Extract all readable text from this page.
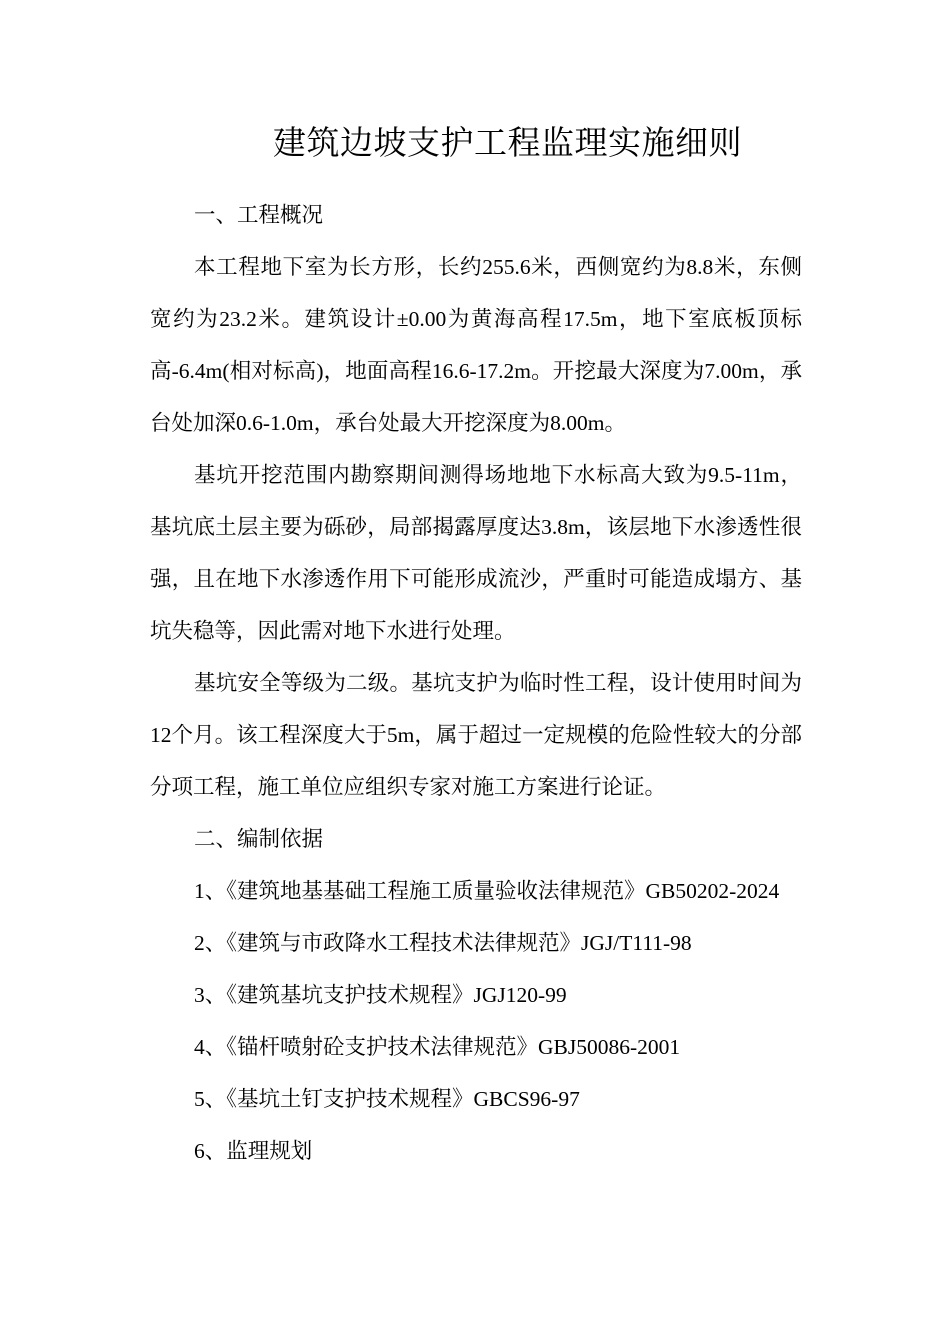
建筑边坡支护工程监理实施细则

一、工程概况

本工程地下室为长方形，长约255.6米，西侧宽约为8.8米，东侧宽约为23.2米。建筑设计±0.00为黄海高程17.5m，地下室底板顶标高-6.4m(相对标高)，地面高程16.6-17.2m。开挖最大深度为7.00m，承台处加深0.6-1.0m，承台处最大开挖深度为8.00m。

基坑开挖范围内勘察期间测得场地地下水标高大致为9.5-11m，基坑底土层主要为砾砂，局部揭露厚度达3.8m，该层地下水渗透性很强，且在地下水渗透作用下可能形成流沙，严重时可能造成塌方、基坑失稳等，因此需对地下水进行处理。

基坑安全等级为二级。基坑支护为临时性工程，设计使用时间为12个月。该工程深度大于5m，属于超过一定规模的危险性较大的分部分项工程，施工单位应组织专家对施工方案进行论证。

二、编制依据

1、《建筑地基基础工程施工质量验收法律规范》GB50202-2024

2、《建筑与市政降水工程技术法律规范》JGJ/T111-98

3、《建筑基坑支护技术规程》JGJ120-99

4、《锚杆喷射砼支护技术法律规范》GBJ50086-2001

5、《基坑土钉支护技术规程》GBCS96-97

6、监理规划
